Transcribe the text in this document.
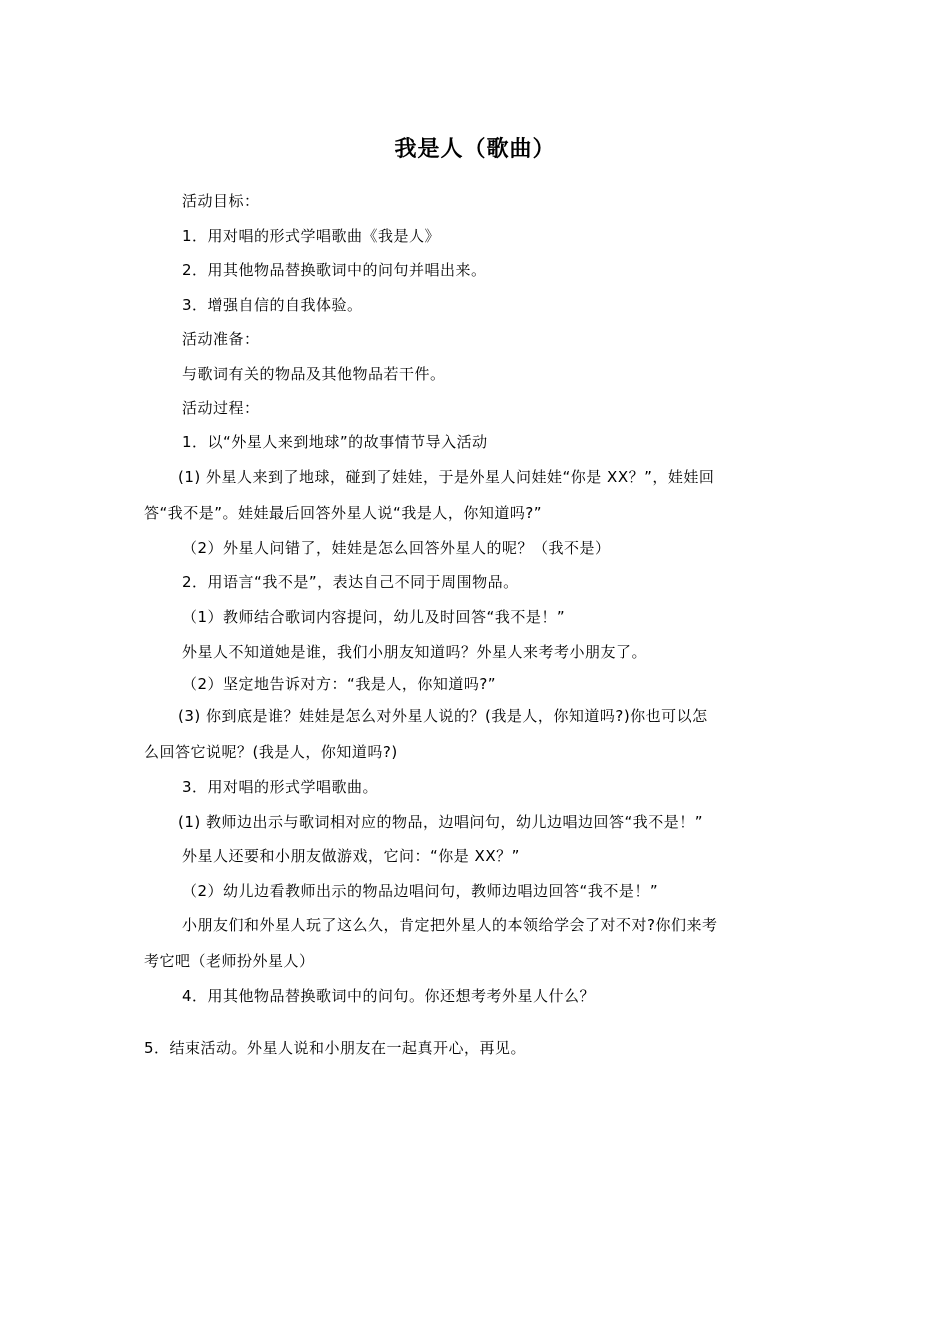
我是人（歌曲）
活动目标：
1．用对唱的形式学唱歌曲《我是人》
2．用其他物品替换歌词中的问句并唱出来。
3．增强自信的自我体验。
活动准备：
与歌词有关的物品及其他物品若干件。
活动过程：
1．以“外星人来到地球”的故事情节导入活动
(1) 外星人来到了地球，碰到了娃娃，于是外星人问娃娃“你是 XX？”，娃娃回
答“我不是”。娃娃最后回答外星人说“我是人，你知道吗?”
（2）外星人问错了，娃娃是怎么回答外星人的呢？（我不是）
2．用语言“我不是”，表达自己不同于周围物品。
（1）教师结合歌词内容提问，幼儿及时回答“我不是！”
外星人不知道她是谁，我们小朋友知道吗？外星人来考考小朋友了。
（2）坚定地告诉对方：“我是人，你知道吗?”
(3) 你到底是谁？娃娃是怎么对外星人说的？(我是人，你知道吗?)你也可以怎
么回答它说呢？(我是人，你知道吗?)
3．用对唱的形式学唱歌曲。
(1) 教师边出示与歌词相对应的物品，边唱问句，幼儿边唱边回答“我不是！”
外星人还要和小朋友做游戏，它问：“你是 XX？”
（2）幼儿边看教师出示的物品边唱问句，教师边唱边回答“我不是！”
小朋友们和外星人玩了这么久，肯定把外星人的本领给学会了对不对?你们来考
考它吧（老师扮外星人）
4．用其他物品替换歌词中的问句。你还想考考外星人什么？
5．结束活动。外星人说和小朋友在一起真开心，再见。
